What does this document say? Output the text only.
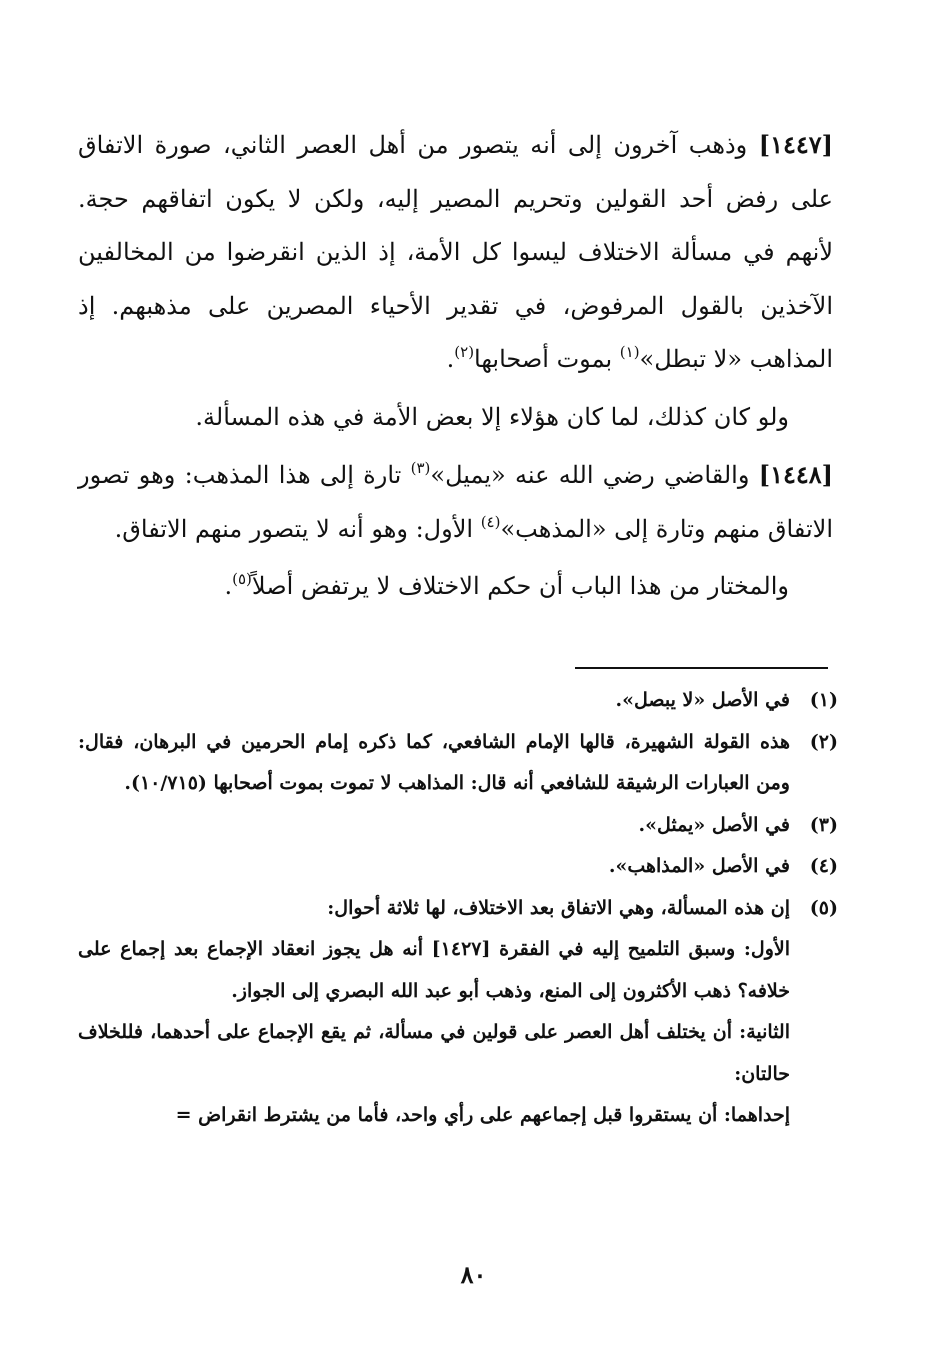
[١٤٤٧] وذهب آخرون إلى أنه يتصور من أهل العصر الثاني، صورة الاتفاق على رفض أحد القولين وتحريم المصير إليه، ولكن لا يكون اتفاقهم حجة. لأنهم في مسألة الاختلاف ليسوا كل الأمة، إذ الذين انقرضوا من المخالفين الآخذين بالقول المرفوض، في تقدير الأحياء المصرين على مذهبهم. إذ المذاهب «لا تبطل»$^{(١)}$ بموت أصحابها$^{(٢)}$.

ولو كان كذلك، لما كان هؤلاء إلا بعض الأمة في هذه المسألة.

[١٤٤٨] والقاضي رضي الله عنه «يميل»$^{(٣)}$ تارة إلى هذا المذهب: وهو تصور الاتفاق منهم وتارة إلى «المذهب»$^{(٤)}$ الأول: وهو أنه لا يتصور منهم الاتفاق.

والمختار من هذا الباب أن حكم الاختلاف لا يرتفض أصلاً$^{(٥)}$.

(١)
في الأصل «لا يبصل».

(٢)
هذه القولة الشهيرة، قالها الإمام الشافعي، كما ذكره إمام الحرمين في البرهان، فقال: ومن العبارات الرشيقة للشافعي أنه قال: المذاهب لا تموت بموت أصحابها (١٠/٧١٥).

(٣)
في الأصل «يمثل».

(٤)
في الأصل «المذاهب».

(٥)
إن هذه المسألة، وهي الاتفاق بعد الاختلاف، لها ثلاثة أحوال:

الأول: وسبق التلميح إليه في الفقرة [١٤٢٧] أنه هل يجوز انعقاد الإجماع بعد إجماع على خلافه؟ ذهب الأكثرون إلى المنع، وذهب أبو عبد الله البصري إلى الجواز.

الثانية: أن يختلف أهل العصر على قولين في مسألة، ثم يقع الإجماع على أحدهما، فللخلاف حالتان:

إحداهما: أن يستقروا قبل إجماعهم على رأي واحد، فأما من يشترط انقراض =

٨٠
